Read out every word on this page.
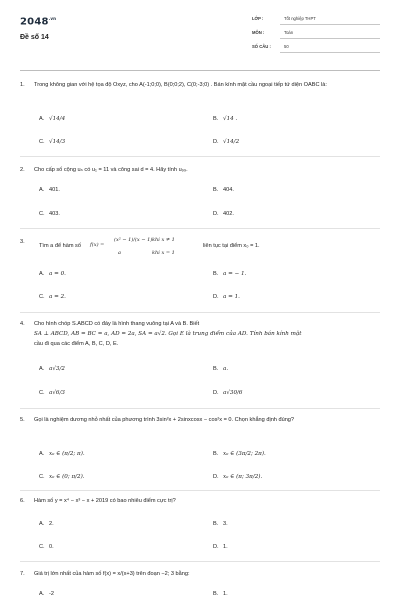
$2048^{.vn}$
Đề số 14
LỚP :	Tốt nghiệp THPT
MÔN :	Toán
SỐ CÂU :	50
1.	Trong không gian với hệ tọa độ Oxyz, cho A(-1;0;0), B(0;0;2), C(0;-3;0) . Bán kính mặt cầu ngoại tiếp tứ diện OABC là:
A. √14/4	B. √14 .
C. √14/3	D. √14/2
2.	Cho cấp số cộng uₙ có u₁ = 11 và công sai d = 4. Hãy tính u₉₉.
A. 401.	B. 404.
C. 403.	D. 402.
3.
Tìm a để hàm số f(x) =
(x² − 1)/(x − 1) khi x ≠ 1
a	khi x = 1
liên tục tại điểm x₀ = 1.
A. a = 0.	B. a = − 1.
C. a = 2.	D. a = 1.
4.	Cho hình chóp S.ABCD có đáy là hình thang vuông tại A và B. Biết
SA ⊥ ABCD, AB = BC = a, AD = 2a, SA = a√2. Gọi E là trung điểm của AD. Tính bán kính mặt
cầu đi qua các điểm A, B, C, D, E.
A. a√3/2	B. a.
C. a√6/3	D. a√30/6
5.	Gọi là nghiệm dương nhỏ nhất của phương trình 3sin²x + 2sinxcosx − cos²x = 0. Chọn khẳng định đúng?
A. x₀ ∈ (π/2; π).	B. x₀ ∈ (3π/2; 2π).
C. x₀ ∈ (0; π/2).	D. x₀ ∈ (π; 3π/2).
6.	Hàm số y = x⁴ − x³ − x + 2019 có bao nhiêu điểm cực trị?
A. 2.	B. 3.
C. 0.	D. 1.
7.	Giá trị lớn nhất của hàm số f(x) = x/(x+3) trên đoạn −2; 3 bằng:
A. -2	B. 1.
